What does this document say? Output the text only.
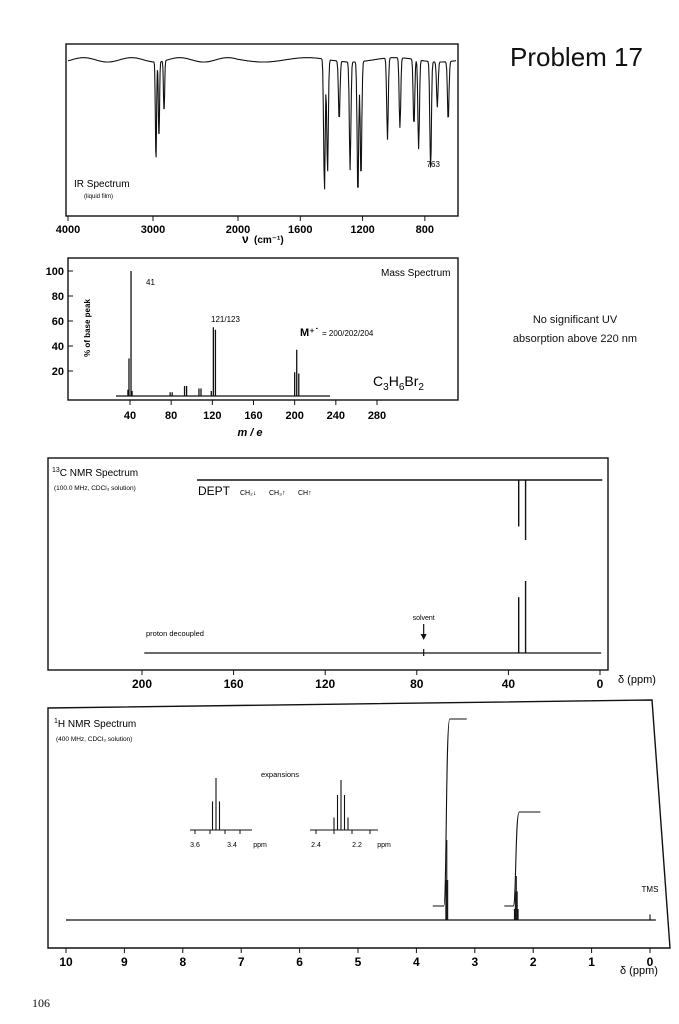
Problem 17
No significant UV
absorption above 220 nm
106
4000	3000	2000	1600	1200	800
IR Spectrum
(liquid film)
763
ν (cm⁻¹)
20
40
60
80
100
40	80 120 160 200 240 280
Mass Spectrum
% of base peak
41
121/123
M⁺˙ = 200/202/204
$C_3H_6Br_2$
m / e
$^{13}$C NMR Spectrum
(100.0 MHz, CDCl₃ solution)	DEPT CH₂↓ CH₃↑ CH↑
proton decoupled
solvent
200	160	120	80	40	0 δ (ppm)
$^1$H NMR Spectrum
(400 MHz, CDCl₃ solution)
expansions
3.6	3.4 ppm	2.4	2.2 ppm
TMS
10	9	8	7	6	5	4	3	2	1	0
δ (ppm)
